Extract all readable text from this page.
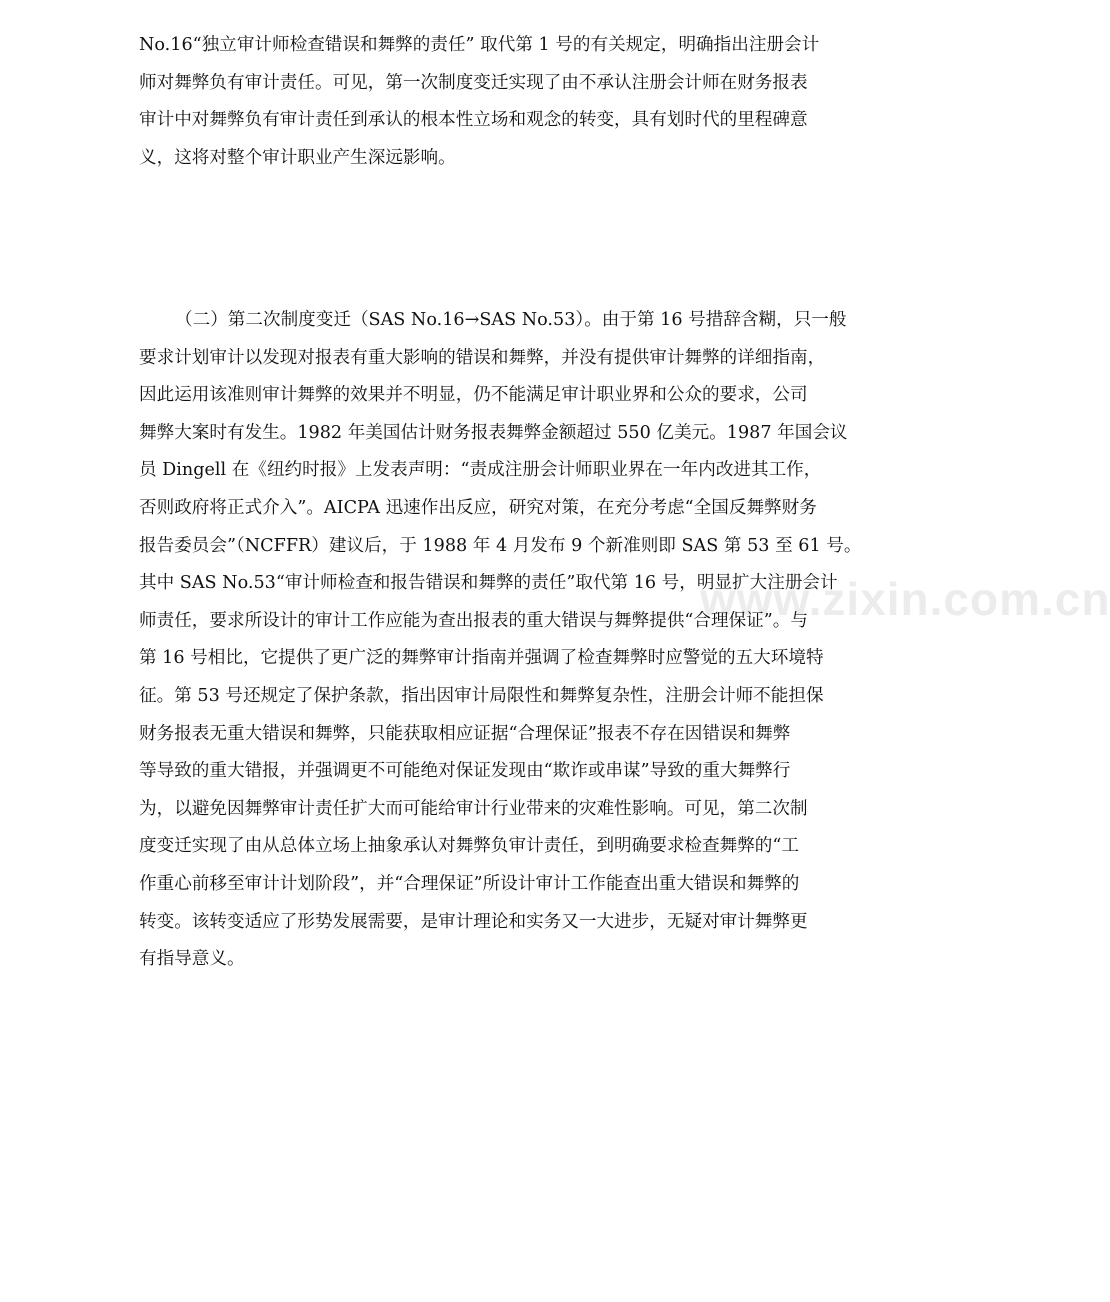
www.zixin.com.cn

No.16“独立审计师检查错误和舞弊的责任” 取代第 1 号的有关规定，明确指出注册会计
师对舞弊负有审计责任。可见，第一次制度变迁实现了由不承认注册会计师在财务报表
审计中对舞弊负有审计责任到承认的根本性立场和观念的转变，具有划时代的里程碑意
义，这将对整个审计职业产生深远影响。

（二）第二次制度变迁（SAS No.16→SAS No.53）。由于第 16 号措辞含糊，只一般
要求计划审计以发现对报表有重大影响的错误和舞弊，并没有提供审计舞弊的详细指南，
因此运用该准则审计舞弊的效果并不明显，仍不能满足审计职业界和公众的要求，公司
舞弊大案时有发生。1982 年美国估计财务报表舞弊金额超过 550 亿美元。1987 年国会议
员 Dingell 在《纽约时报》上发表声明：“责成注册会计师职业界在一年内改进其工作，
否则政府将正式介入”。AICPA 迅速作出反应，研究对策，在充分考虑“全国反舞弊财务
报告委员会”（NCFFR）建议后，于 1988 年 4 月发布 9 个新准则即 SAS 第 53 至 61 号。
其中 SAS No.53“审计师检查和报告错误和舞弊的责任”取代第 16 号，明显扩大注册会计
师责任，要求所设计的审计工作应能为查出报表的重大错误与舞弊提供“合理保证”。与
第 16 号相比，它提供了更广泛的舞弊审计指南并强调了检查舞弊时应警觉的五大环境特
征。第 53 号还规定了保护条款，指出因审计局限性和舞弊复杂性，注册会计师不能担保
财务报表无重大错误和舞弊，只能获取相应证据“合理保证”报表不存在因错误和舞弊
等导致的重大错报，并强调更不可能绝对保证发现由“欺诈或串谋”导致的重大舞弊行
为，以避免因舞弊审计责任扩大而可能给审计行业带来的灾难性影响。可见，第二次制
度变迁实现了由从总体立场上抽象承认对舞弊负审计责任，到明确要求检查舞弊的“工
作重心前移至审计计划阶段”，并“合理保证”所设计审计工作能查出重大错误和舞弊的
转变。该转变适应了形势发展需要，是审计理论和实务又一大进步，无疑对审计舞弊更
有指导意义。
